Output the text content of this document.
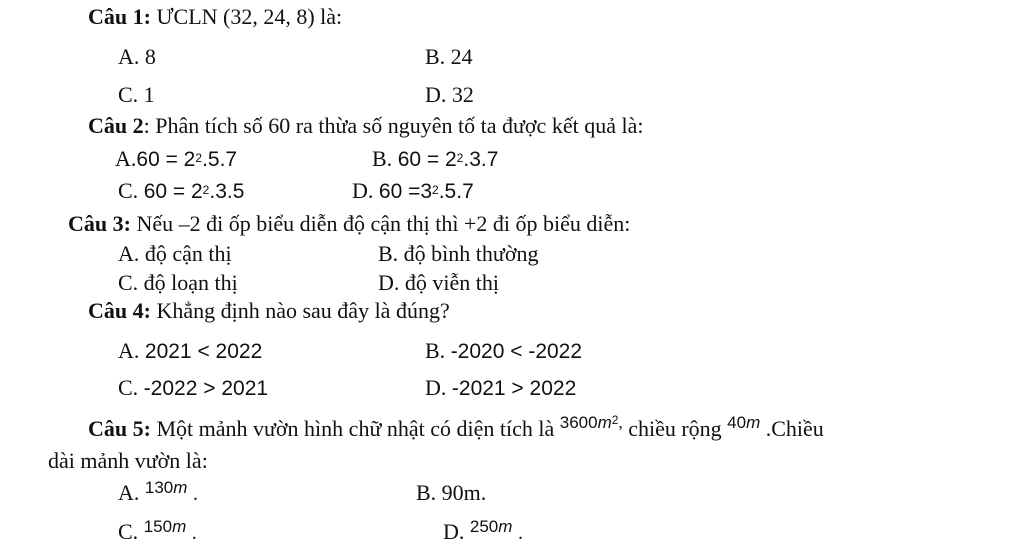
Câu 1: ƯCLN (32, 24, 8) là:
A. 8	B. 24
C. 1	D. 32
Câu 2: Phân tích số 60 ra thừa số nguyên tố ta được kết quả là:
$A.60 = 2^2.5.7$	B. $60 = 2^2.3.7$
C. $60 = 2^2.3.5$	D. $60 =3^2.5.7$
Câu 3: Nếu –2 đi ốp biểu diễn độ cận thị thì +2 đi ốp biểu diễn:
A. độ cận thị	B. độ bình thường
C. độ loạn thị	D. độ viễn thị
Câu 4: Khẳng định nào sau đây là đúng?
A. 2021 < 2022	B. -2020 < -2022
C. -2022 > 2021	D. -2021 > 2022
Câu 5: Một mảnh vườn hình chữ nhật có diện tích là $3600m^2$, chiều rộng 40m .Chiều
dài mảnh vườn là:
A. 130m .	B. 90m.
C. 150m .	D. 250m .
